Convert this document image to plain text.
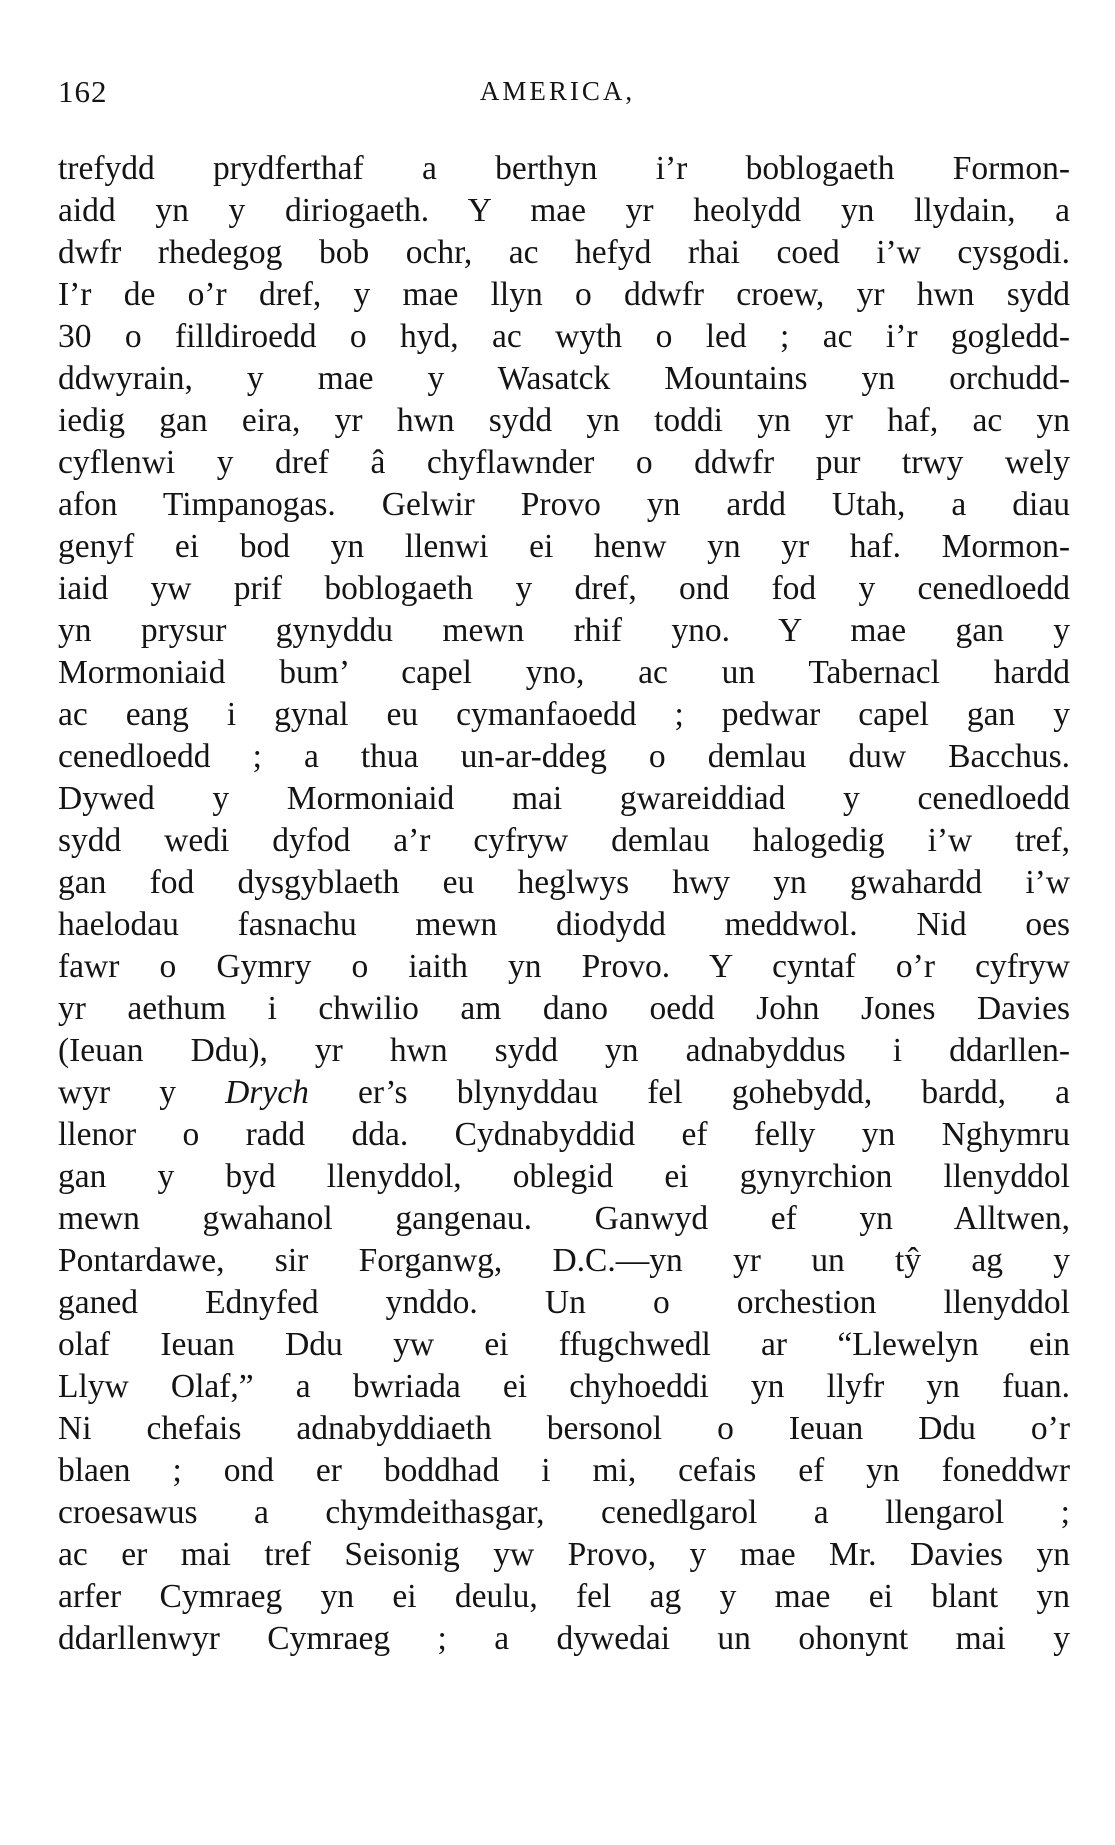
162	AMERICA,
trefydd prydferthaf a berthyn i’r boblogaeth Formon-
aidd yn y diriogaeth. Y mae yr heolydd yn llydain, a
dwfr rhedegog bob ochr, ac hefyd rhai coed i’w cysgodi.
I’r de o’r dref, y mae llyn o ddwfr croew, yr hwn sydd
30 o filldiroedd o hyd, ac wyth o led ; ac i’r gogledd-
ddwyrain, y mae y Wasatck Mountains yn orchudd-
iedig gan eira, yr hwn sydd yn toddi yn yr haf, ac yn
cyflenwi y dref â chyflawnder o ddwfr pur trwy wely
afon Timpanogas. Gelwir Provo yn ardd Utah, a diau
genyf ei bod yn llenwi ei henw yn yr haf. Mormon-
iaid yw prif boblogaeth y dref, ond fod y cenedloedd
yn prysur gynyddu mewn rhif yno. Y mae gan y
Mormoniaid bum’ capel yno, ac un Tabernacl hardd
ac eang i gynal eu cymanfaoedd ; pedwar capel gan y
cenedloedd ; a thua un-ar-ddeg o demlau duw Bacchus.
Dywed y Mormoniaid mai gwareiddiad y cenedloedd
sydd wedi dyfod a’r cyfryw demlau halogedig i’w tref,
gan fod dysgyblaeth eu heglwys hwy yn gwahardd i’w
haelodau fasnachu mewn diodydd meddwol. Nid oes
fawr o Gymry o iaith yn Provo. Y cyntaf o’r cyfryw
yr aethum i chwilio am dano oedd John Jones Davies
(Ieuan Ddu), yr hwn sydd yn adnabyddus i ddarllen-
wyr y Drych er’s blynyddau fel gohebydd, bardd, a
llenor o radd dda. Cydnabyddid ef felly yn Nghymru
gan y byd llenyddol, oblegid ei gynyrchion llenyddol
mewn gwahanol gangenau. Ganwyd ef yn Alltwen,
Pontardawe, sir Forganwg, D.C.—yn yr un tŷ ag y
ganed Ednyfed ynddo. Un o orchestion llenyddol
olaf Ieuan Ddu yw ei ffugchwedl ar “Llewelyn ein
Llyw Olaf,” a bwriada ei chyhoeddi yn llyfr yn fuan.
Ni chefais adnabyddiaeth bersonol o Ieuan Ddu o’r
blaen ; ond er boddhad i mi, cefais ef yn foneddwr
croesawus a chymdeithasgar, cenedlgarol a llengarol ;
ac er mai tref Seisonig yw Provo, y mae Mr. Davies yn
arfer Cymraeg yn ei deulu, fel ag y mae ei blant yn
ddarllenwyr Cymraeg ; a dywedai un ohonynt mai y
